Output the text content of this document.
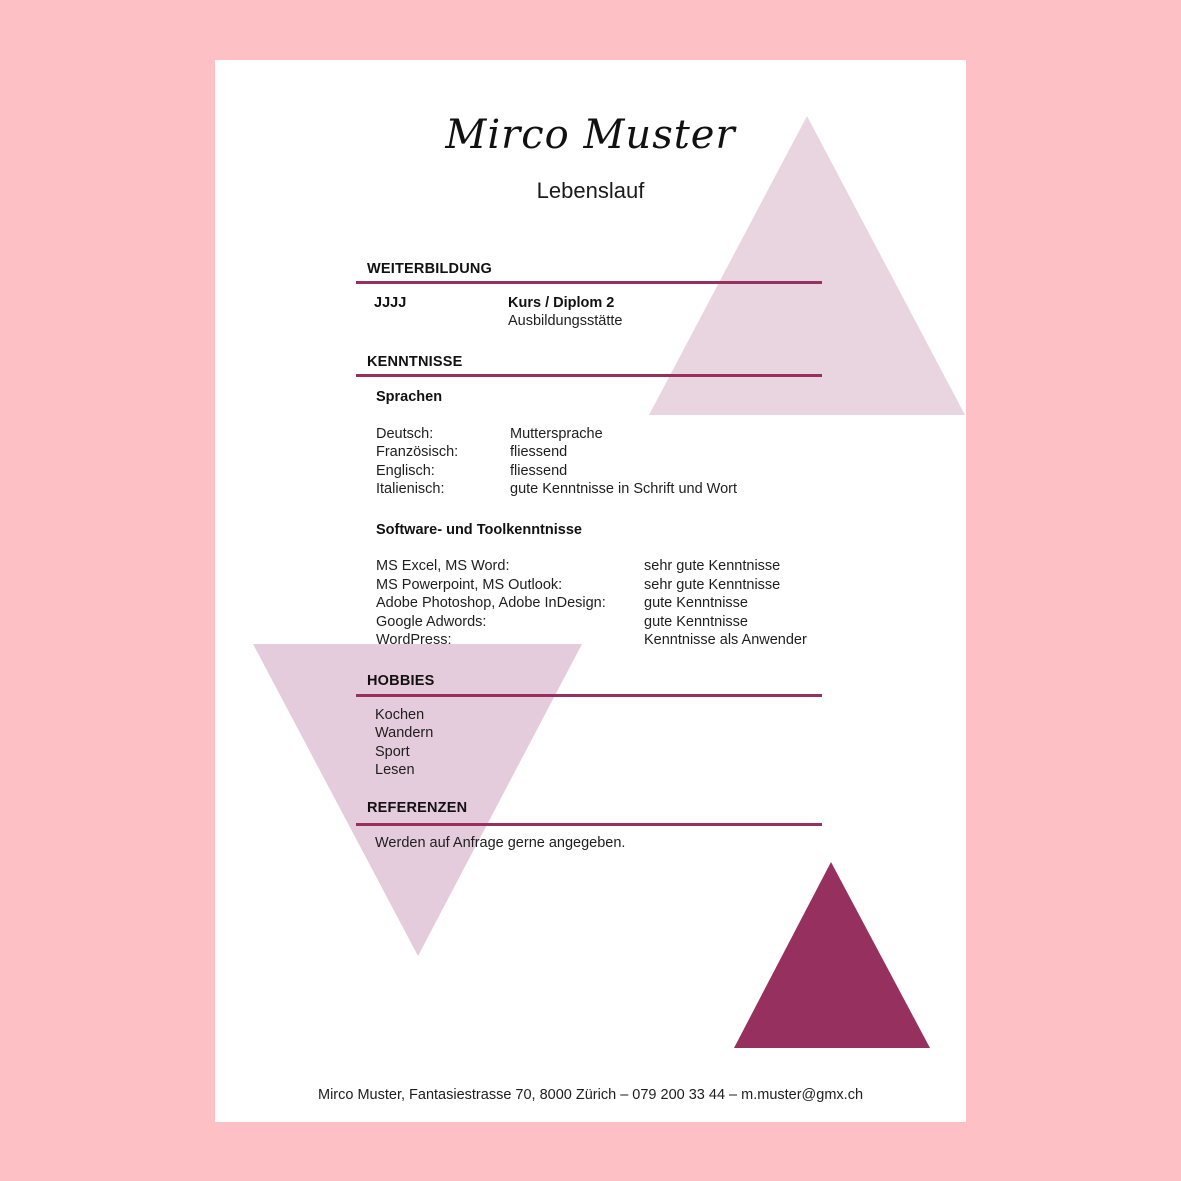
Mirco Muster
Lebenslauf
WEITERBILDUNG
JJJJ	Kurs / Diplom 2
Ausbildungsstätte
KENNTNISSE
Sprachen
Deutsch:	Muttersprache
Französisch:	fliessend
Englisch:	fliessend
Italienisch:	gute Kenntnisse in Schrift und Wort
Software- und Toolkenntnisse
MS Excel, MS Word:	sehr gute Kenntnisse
MS Powerpoint, MS Outlook:	sehr gute Kenntnisse
Adobe Photoshop, Adobe InDesign:	gute Kenntnisse
Google Adwords:	gute Kenntnisse
WordPress:	Kenntnisse als Anwender
HOBBIES
Kochen
Wandern
Sport
Lesen
REFERENZEN
Werden auf Anfrage gerne angegeben.
Mirco Muster, Fantasiestrasse 70, 8000 Zürich – 079 200 33 44 – m.muster@gmx.ch
